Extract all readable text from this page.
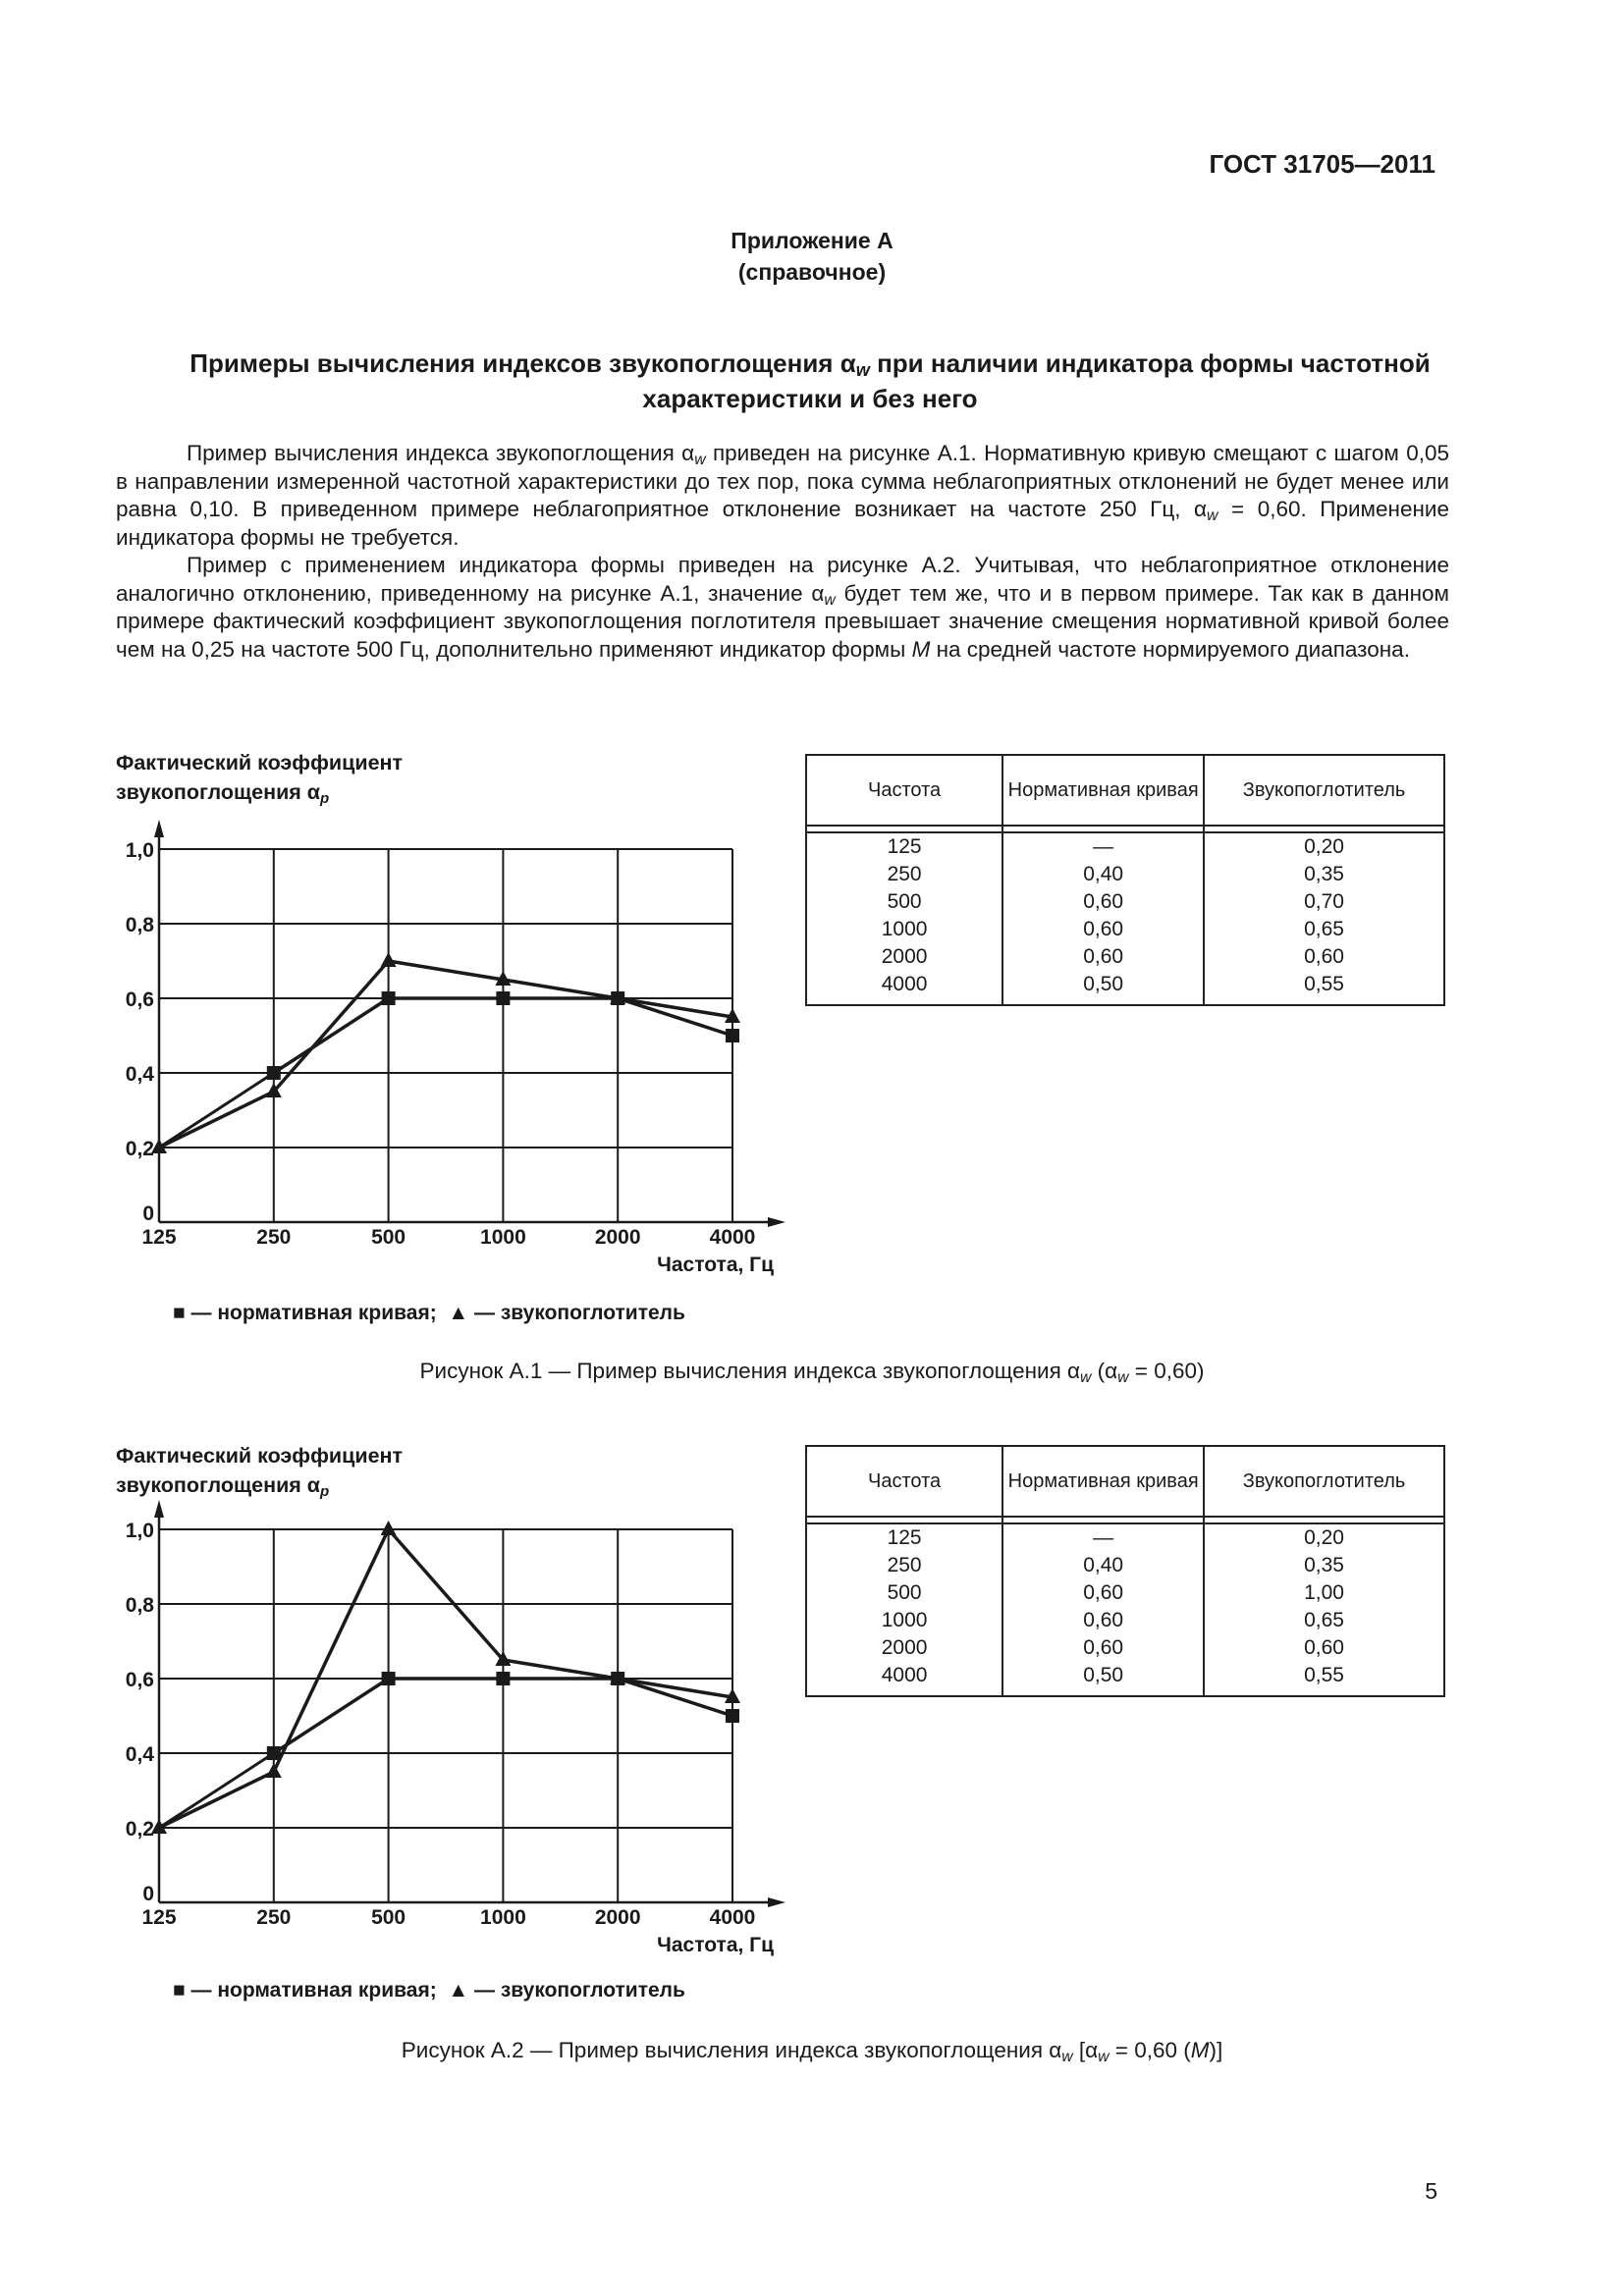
ГОСТ 31705—2011
Приложение А
(справочное)
Примеры вычисления индексов звукопоглощения $\alpha_w$ при наличии индикатора формы частотной характеристики и без него

Пример вычисления индекса звукопоглощения $\alpha_w$ приведен на рисунке А.1. Нормативную кривую смещают с шагом 0,05 в направлении измеренной частотной характеристики до тех пор, пока сумма неблагоприятных отклонений не будет менее или равна 0,10. В приведенном примере неблагоприятное отклонение возникает на частоте 250 Гц, $\alpha_w = 0,60$. Применение индикатора формы не требуется.

Пример с применением индикатора формы приведен на рисунке А.2. Учитывая, что неблагоприятное отклонение аналогично отклонению, приведенному на рисунке А.1, значение $\alpha_w$ будет тем же, что и в первом примере. Так как в данном примере фактический коэффициент звукопоглощения поглотителя превышает значение смещения нормативной кривой более чем на 0,25 на частоте 500 Гц, дополнительно применяют индикатор формы M на средней частоте нормируемого диапазона.

Фактический коэффициент
звукопоглощения $\alpha_p$
0
0,2
0,4
0,6
0,8
1,0
125	250	500	1000	2000	4000
Частота, Гц
■ — нормативная кривая; ▲ — звукопоглотитель
Рисунок А.1 — Пример вычисления индекса звукопоглощения $\alpha_w$ $(\alpha_w = 0,60)$
Частота	Нормативная кривая	Звукопоглотитель

125	—	0,20
250	0,40	0,35
500	0,60	0,70
1000	0,60	0,65
2000	0,60	0,60
4000	0,50	0,55
Фактический коэффициент
звукопоглощения $\alpha_p$
0
0,2
0,4
0,6
0,8
1,0
125	250	500	1000	2000	4000
Частота, Гц
■ — нормативная кривая; ▲ — звукопоглотитель
Рисунок А.2 — Пример вычисления индекса звукопоглощения $\alpha_w$ [$\alpha_w = 0,60$ (M)]
Частота	Нормативная кривая	Звукопоглотитель

125	—	0,20
250	0,40	0,35
500	0,60	1,00
1000	0,60	0,65
2000	0,60	0,60
4000	0,50	0,55
5
